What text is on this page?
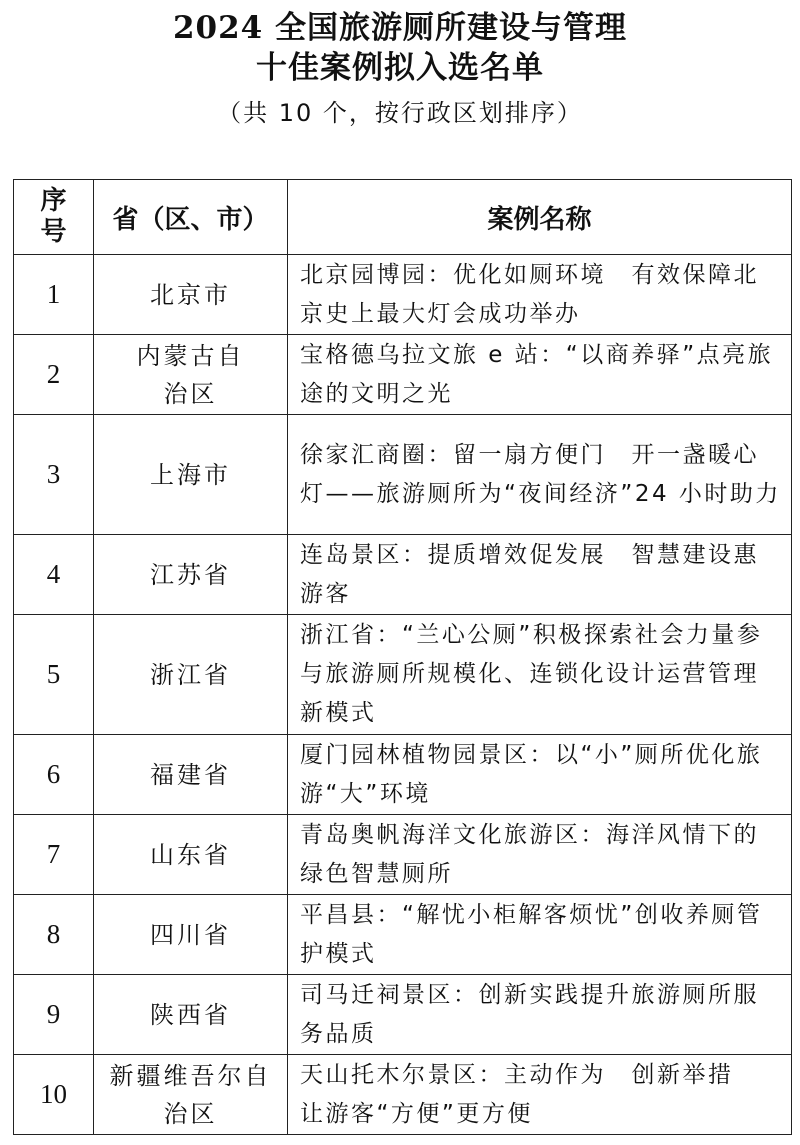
2024 全国旅游厕所建设与管理
十佳案例拟入选名单
（共 10 个，按行政区划排序）
序
号	省（区、市）	案例名称
1	北京市	北京园博园：优化如厕环境　有效保障北京史上最大灯会成功举办
2	内蒙古自治区	宝格德乌拉文旅 e 站：“以商养驿”点亮旅途的文明之光
3	上海市	徐家汇商圈：留一扇方便门　开一盏暖心灯——旅游厕所为“夜间经济”24 小时助力
4	江苏省	连岛景区：提质增效促发展　智慧建设惠游客
5	浙江省	浙江省：“兰心公厕”积极探索社会力量参与旅游厕所规模化、连锁化设计运营管理新模式
6	福建省	厦门园林植物园景区：以“小”厕所优化旅游“大”环境
7	山东省	青岛奥帆海洋文化旅游区：海洋风情下的绿色智慧厕所
8	四川省	平昌县：“解忧小柜解客烦忧”创收养厕管护模式
9	陕西省	司马迁祠景区：创新实践提升旅游厕所服务品质
10	新疆维吾尔自治区	天山托木尔景区：主动作为　创新举措　让游客“方便”更方便
